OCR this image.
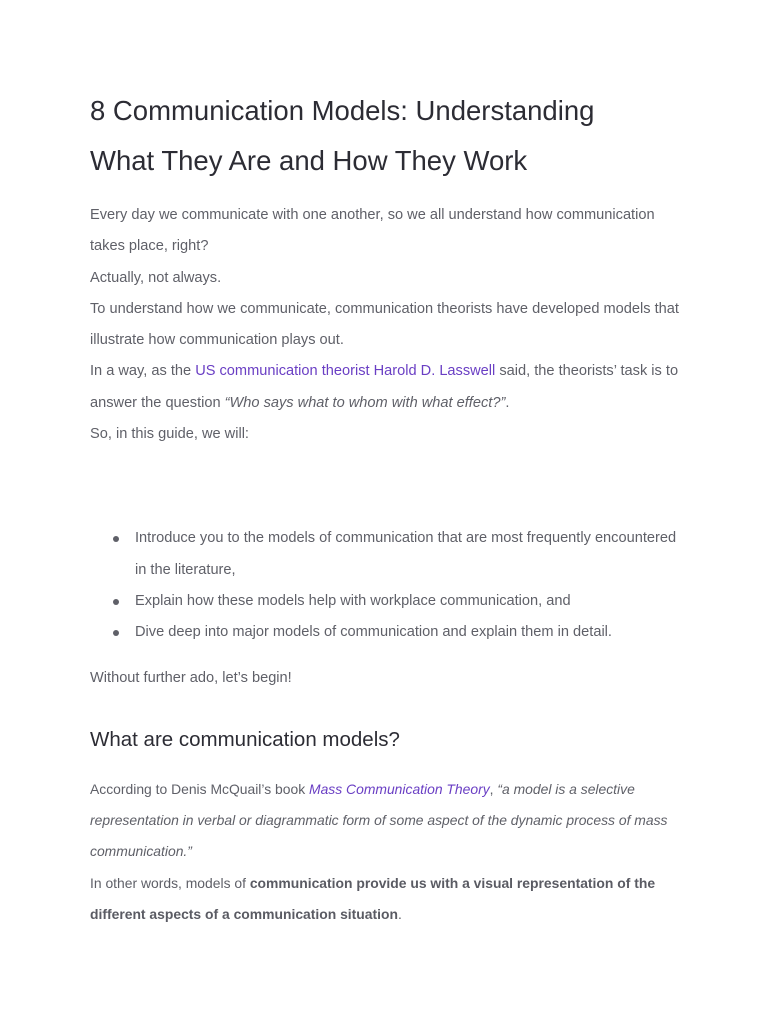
8 Communication Models: Understanding
What They Are and How They Work

Every day we communicate with one another, so we all understand how communication takes place, right?

Actually, not always.

To understand how we communicate, communication theorists have developed models that illustrate how communication plays out.

In a way, as the US communication theorist Harold D. Lasswell said, the theorists’ task is to answer the question “Who says what to whom with what effect?”.

So, in this guide, we will:

Introduce you to the models of communication that are most frequently encountered in the literature,
Explain how these models help with workplace communication, and
Dive deep into major models of communication and explain them in detail.

Without further ado, let’s begin!

What are communication models?

According to Denis McQuail’s book Mass Communication Theory, “a model is a selective representation in verbal or diagrammatic form of some aspect of the dynamic process of mass communication.”

In other words, models of communication provide us with a visual representation of the different aspects of a communication situation.
